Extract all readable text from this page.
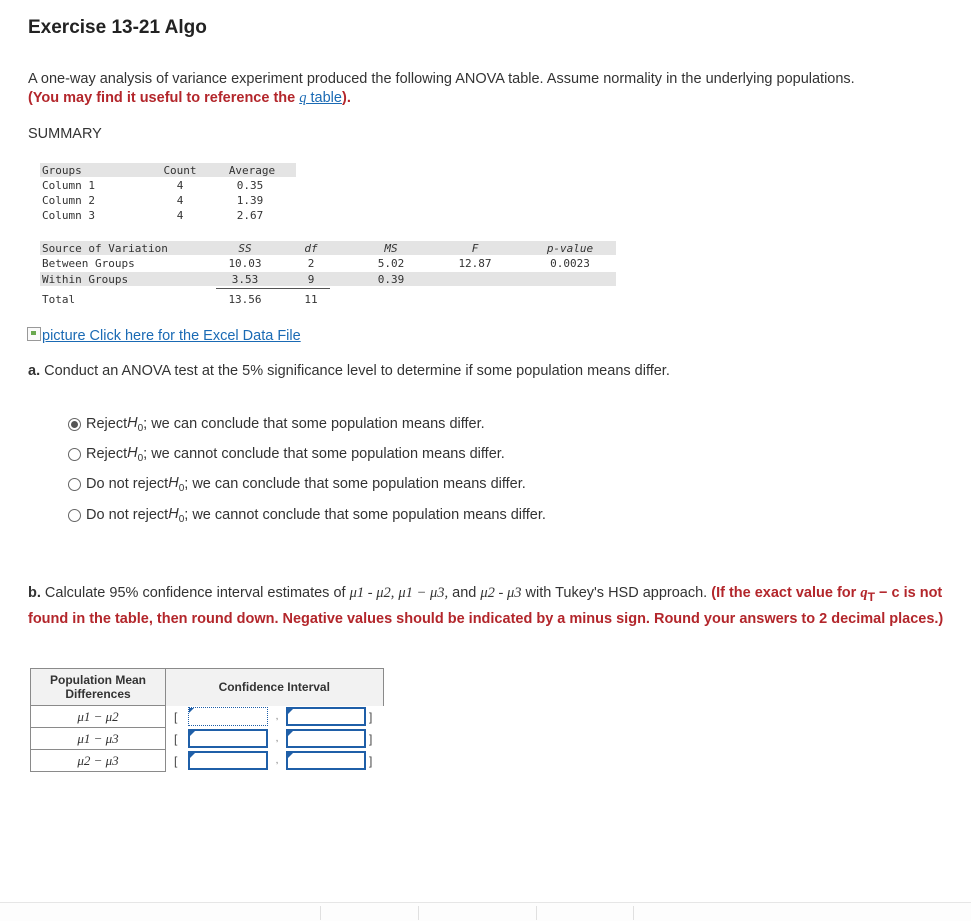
Exercise 13-21 Algo
A one-way analysis of variance experiment produced the following ANOVA table. Assume normality in the underlying populations.
(You may find it useful to reference the q table).
SUMMARY
Groups	Count	Average
Column 1	4	0.35
Column 2	4	1.39
Column 3	4	2.67
Source of Variation	SS	df	MS	F	p-value
Between Groups	10.03	2	5.02	12.87	0.0023
Within Groups	3.53	9	0.39
Total	13.56	11
picture Click here for the Excel Data File
a. Conduct an ANOVA test at the 5% significance level to determine if some population means differ.
Reject $H_0$ ; we can conclude that some population means differ.
Reject $H_0$ ; we cannot conclude that some population means differ.
Do not reject $H_0$ ; we can conclude that some population means differ.
Do not reject $H_0$ ; we cannot conclude that some population means differ.
b. Calculate 95% confidence interval estimates of μ1 - μ2, μ1 − μ3, and μ2 - μ3 with Tukey's HSD approach. (If the exact value for $q_T - c$ is not found in the table, then round down. Negative values should be indicated by a minus sign. Round your answers to 2 decimal places.)
Population Mean Differences	Confidence Interval				
μ1 − μ2	[		,		]
μ1 − μ3	[		,		]
μ2 − μ3	[		,		]
